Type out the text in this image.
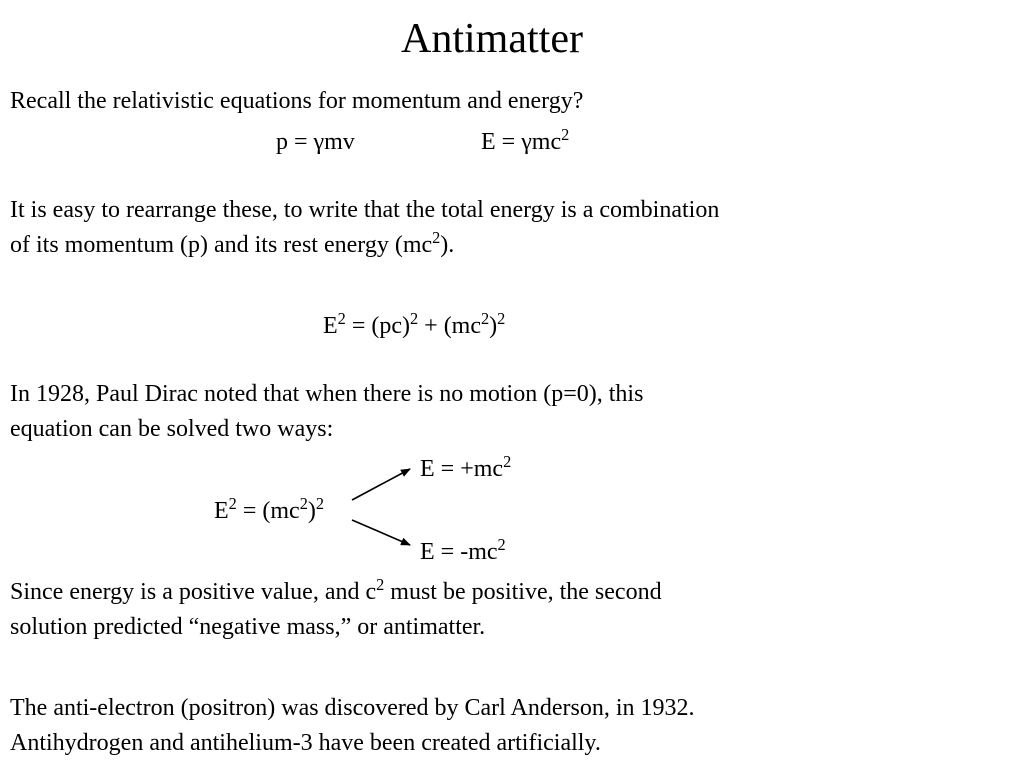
Antimatter
Recall the relativistic equations for momentum and energy?
p = γmv	E = γmc$^2$
It is easy to rearrange these, to write that the total energy is a combination
of its momentum (p) and its rest energy $(mc^2)$.
$E^2 = (pc)^2 + (mc^2)^2$
In 1928, Paul Dirac noted that when there is no motion (p=0), this
equation can be solved two ways:
$E = +mc^2$
$E^2 = (mc^2)^2$
$E = -mc^2$
Since energy is a positive value, and $c^2$ must be positive, the second
solution predicted “negative mass,” or antimatter.
The anti-electron (positron) was discovered by Carl Anderson, in 1932.
Antihydrogen and antihelium-3 have been created artificially.
